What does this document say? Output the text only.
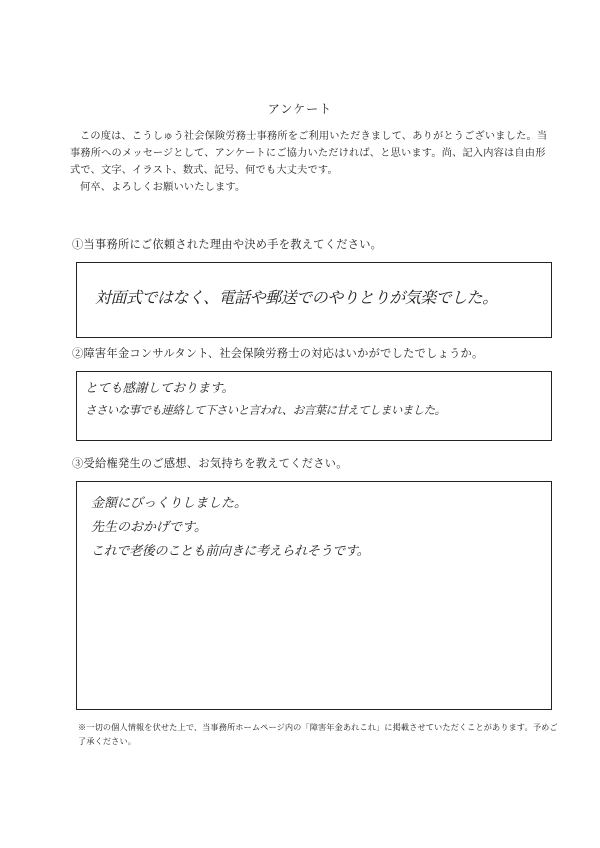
アンケート

この度は、こうしゅう社会保険労務士事務所をご利用いただきまして、ありがとうございました。当事務所へのメッセージとして、アンケートにご協力いただければ、と思います。尚、記入内容は自由形式で、文字、イラスト、数式、記号、何でも大丈夫です。

何卒、よろしくお願いいたします。

①当事務所にご依頼された理由や決め手を教えてください。
対面式ではなく、電話や郵送でのやりとりが気楽でした。
②障害年金コンサルタント、社会保険労務士の対応はいかがでしたでしょうか。
とても感謝しております。
ささいな事でも連絡して下さいと言われ、お言葉に甘えてしまいました。
③受給権発生のご感想、お気持ちを教えてください。
金額にびっくりしました。
先生のおかげです。
これで老後のことも前向きに考えられそうです。
※一切の個人情報を伏せた上で、当事務所ホームページ内の「障害年金あれこれ」に掲載させていただくことがあります。予めご了承ください。
